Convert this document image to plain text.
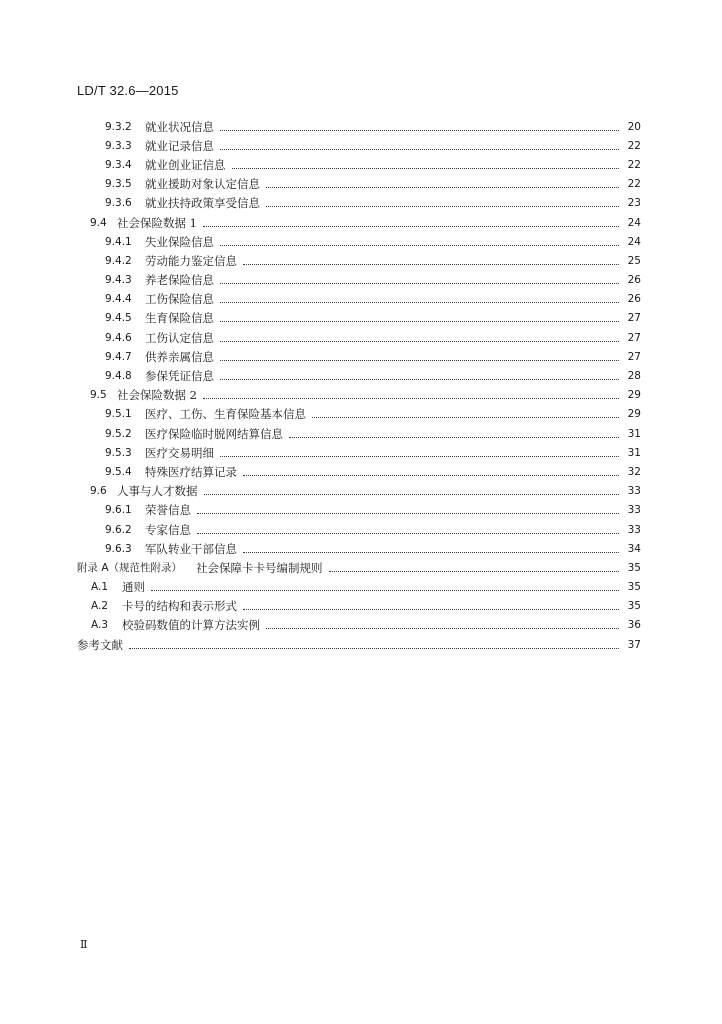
LD/T 32.6—2015
9.3.2	就业状况信息	20
9.3.3	就业记录信息	22
9.3.4	就业创业证信息	22
9.3.5	就业援助对象认定信息	22
9.3.6	就业扶持政策享受信息	23
9.4 社会保险数据 1	24
9.4.1	失业保险信息	24
9.4.2	劳动能力鉴定信息	25
9.4.3	养老保险信息	26
9.4.4	工伤保险信息	26
9.4.5	生育保险信息	27
9.4.6	工伤认定信息	27
9.4.7	供养亲属信息	27
9.4.8	参保凭证信息	28
9.5 社会保险数据 2	29
9.5.1	医疗、工伤、生育保险基本信息	29
9.5.2	医疗保险临时脱网结算信息	31
9.5.3	医疗交易明细	31
9.5.4	特殊医疗结算记录	32
9.6 人事与人才数据	33
9.6.1	荣誉信息	33
9.6.2	专家信息	33
9.6.3	军队转业干部信息	34
附录 A（规范性附录） 社会保障卡卡号编制规则	35
A.1	通则	35
A.2	卡号的结构和表示形式	35
A.3	校验码数值的计算方法实例	36
参考文献	37
Ⅱ
